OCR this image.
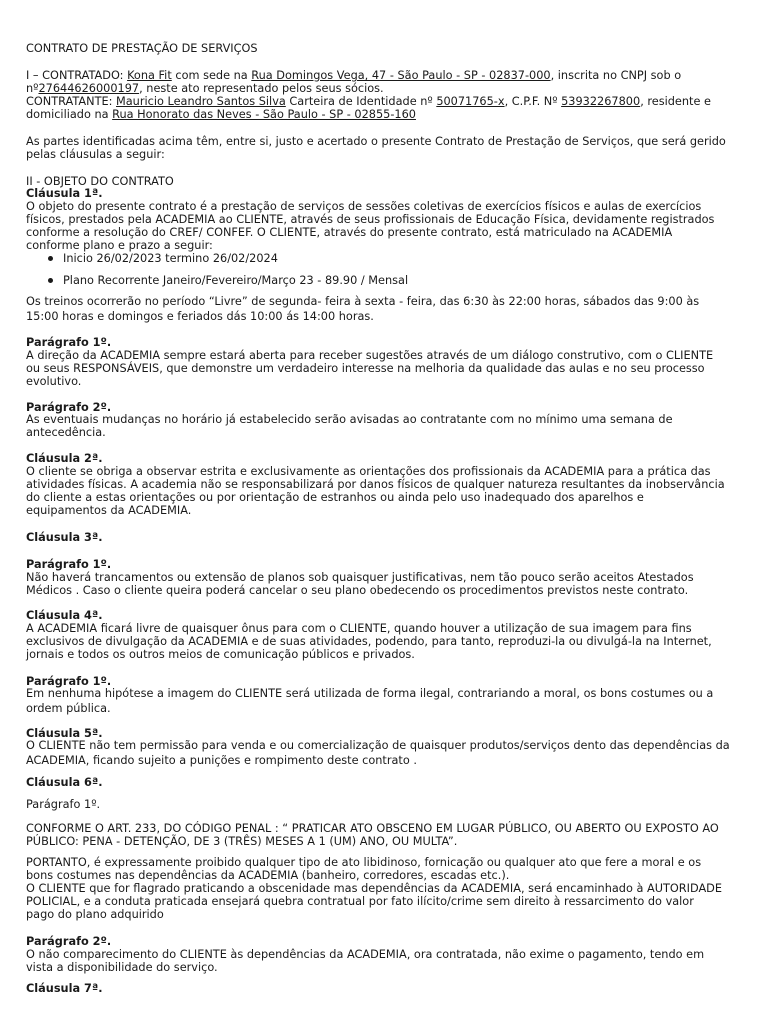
CONTRATO DE PRESTAÇÃO DE SERVIÇOS
I – CONTRATADO: Kona Fit com sede na Rua Domingos Vega, 47 - São Paulo - SP - 02837-000, inscrita no CNPJ sob o
nº27644626000197, neste ato representado pelos seus sócios.
CONTRATANTE: Mauricio Leandro Santos Silva Carteira de Identidade nº 50071765-x, C.P.F. Nº 53932267800, residente e
domiciliado na Rua Honorato das Neves - São Paulo - SP - 02855-160
As partes identificadas acima têm, entre si, justo e acertado o presente Contrato de Prestação de Serviços, que será gerido
pelas cláusulas a seguir:
II - OBJETO DO CONTRATO
Cláusula 1ª.
O objeto do presente contrato é a prestação de serviços de sessões coletivas de exercícios físicos e aulas de exercícios
físicos, prestados pela ACADEMIA ao CLIENTE, através de seus profissionais de Educação Física, devidamente registrados
conforme a resolução do CREF/ CONFEF. O CLIENTE, através do presente contrato, está matriculado na ACADEMIA
conforme plano e prazo a seguir:
Inicio 26/02/2023 termino 26/02/2024
Plano Recorrente Janeiro/Fevereiro/Março 23 - 89.90 / Mensal
Os treinos ocorrerão no período “Livre” de segunda- feira à sexta - feira, das 6:30 às 22:00 horas, sábados das 9:00 às
15:00 horas e domingos e feriados dás 10:00 ás 14:00 horas.
Parágrafo 1º.
A direção da ACADEMIA sempre estará aberta para receber sugestões através de um diálogo construtivo, com o CLIENTE
ou seus RESPONSÁVEIS, que demonstre um verdadeiro interesse na melhoria da qualidade das aulas e no seu processo
evolutivo.
Parágrafo 2º.
As eventuais mudanças no horário já estabelecido serão avisadas ao contratante com no mínimo uma semana de
antecedência.
Cláusula 2ª.
O cliente se obriga a observar estrita e exclusivamente as orientações dos profissionais da ACADEMIA para a prática das
atividades físicas. A academia não se responsabilizará por danos físicos de qualquer natureza resultantes da inobservância
do cliente a estas orientações ou por orientação de estranhos ou ainda pelo uso inadequado dos aparelhos e
equipamentos da ACADEMIA.
Cláusula 3ª.
Parágrafo 1º.
Não haverá trancamentos ou extensão de planos sob quaisquer justificativas, nem tão pouco serão aceitos Atestados
Médicos . Caso o cliente queira poderá cancelar o seu plano obedecendo os procedimentos previstos neste contrato.
Cláusula 4ª.
A ACADEMIA ficará livre de quaisquer ônus para com o CLIENTE, quando houver a utilização de sua imagem para fins
exclusivos de divulgação da ACADEMIA e de suas atividades, podendo, para tanto, reproduzi-la ou divulgá-la na Internet,
jornais e todos os outros meios de comunicação públicos e privados.
Parágrafo 1º.
Em nenhuma hipótese a imagem do CLIENTE será utilizada de forma ilegal, contrariando a moral, os bons costumes ou a
ordem pública.
Cláusula 5ª.
O CLIENTE não tem permissão para venda e ou comercialização de quaisquer produtos/serviços dento das dependências da
ACADEMIA, ficando sujeito a punições e rompimento deste contrato .
Cláusula 6ª.
Parágrafo 1º.
CONFORME O ART. 233, DO CÓDIGO PENAL : “ PRATICAR ATO OBSCENO EM LUGAR PÚBLICO, OU ABERTO OU EXPOSTO AO
PÚBLICO: PENA - DETENÇÃO, DE 3 (TRÊS) MESES A 1 (UM) ANO, OU MULTA”.
PORTANTO, é expressamente proibido qualquer tipo de ato libidinoso, fornicação ou qualquer ato que fere a moral e os
bons costumes nas dependências da ACADEMIA (banheiro, corredores, escadas etc.).
O CLIENTE que for flagrado praticando a obscenidade mas dependências da ACADEMIA, será encaminhado à AUTORIDADE
POLICIAL, e a conduta praticada ensejará quebra contratual por fato ilícito/crime sem direito à ressarcimento do valor
pago do plano adquirido
Parágrafo 2º.
O não comparecimento do CLIENTE às dependências da ACADEMIA, ora contratada, não exime o pagamento, tendo em
vista a disponibilidade do serviço.
Cláusula 7ª.
